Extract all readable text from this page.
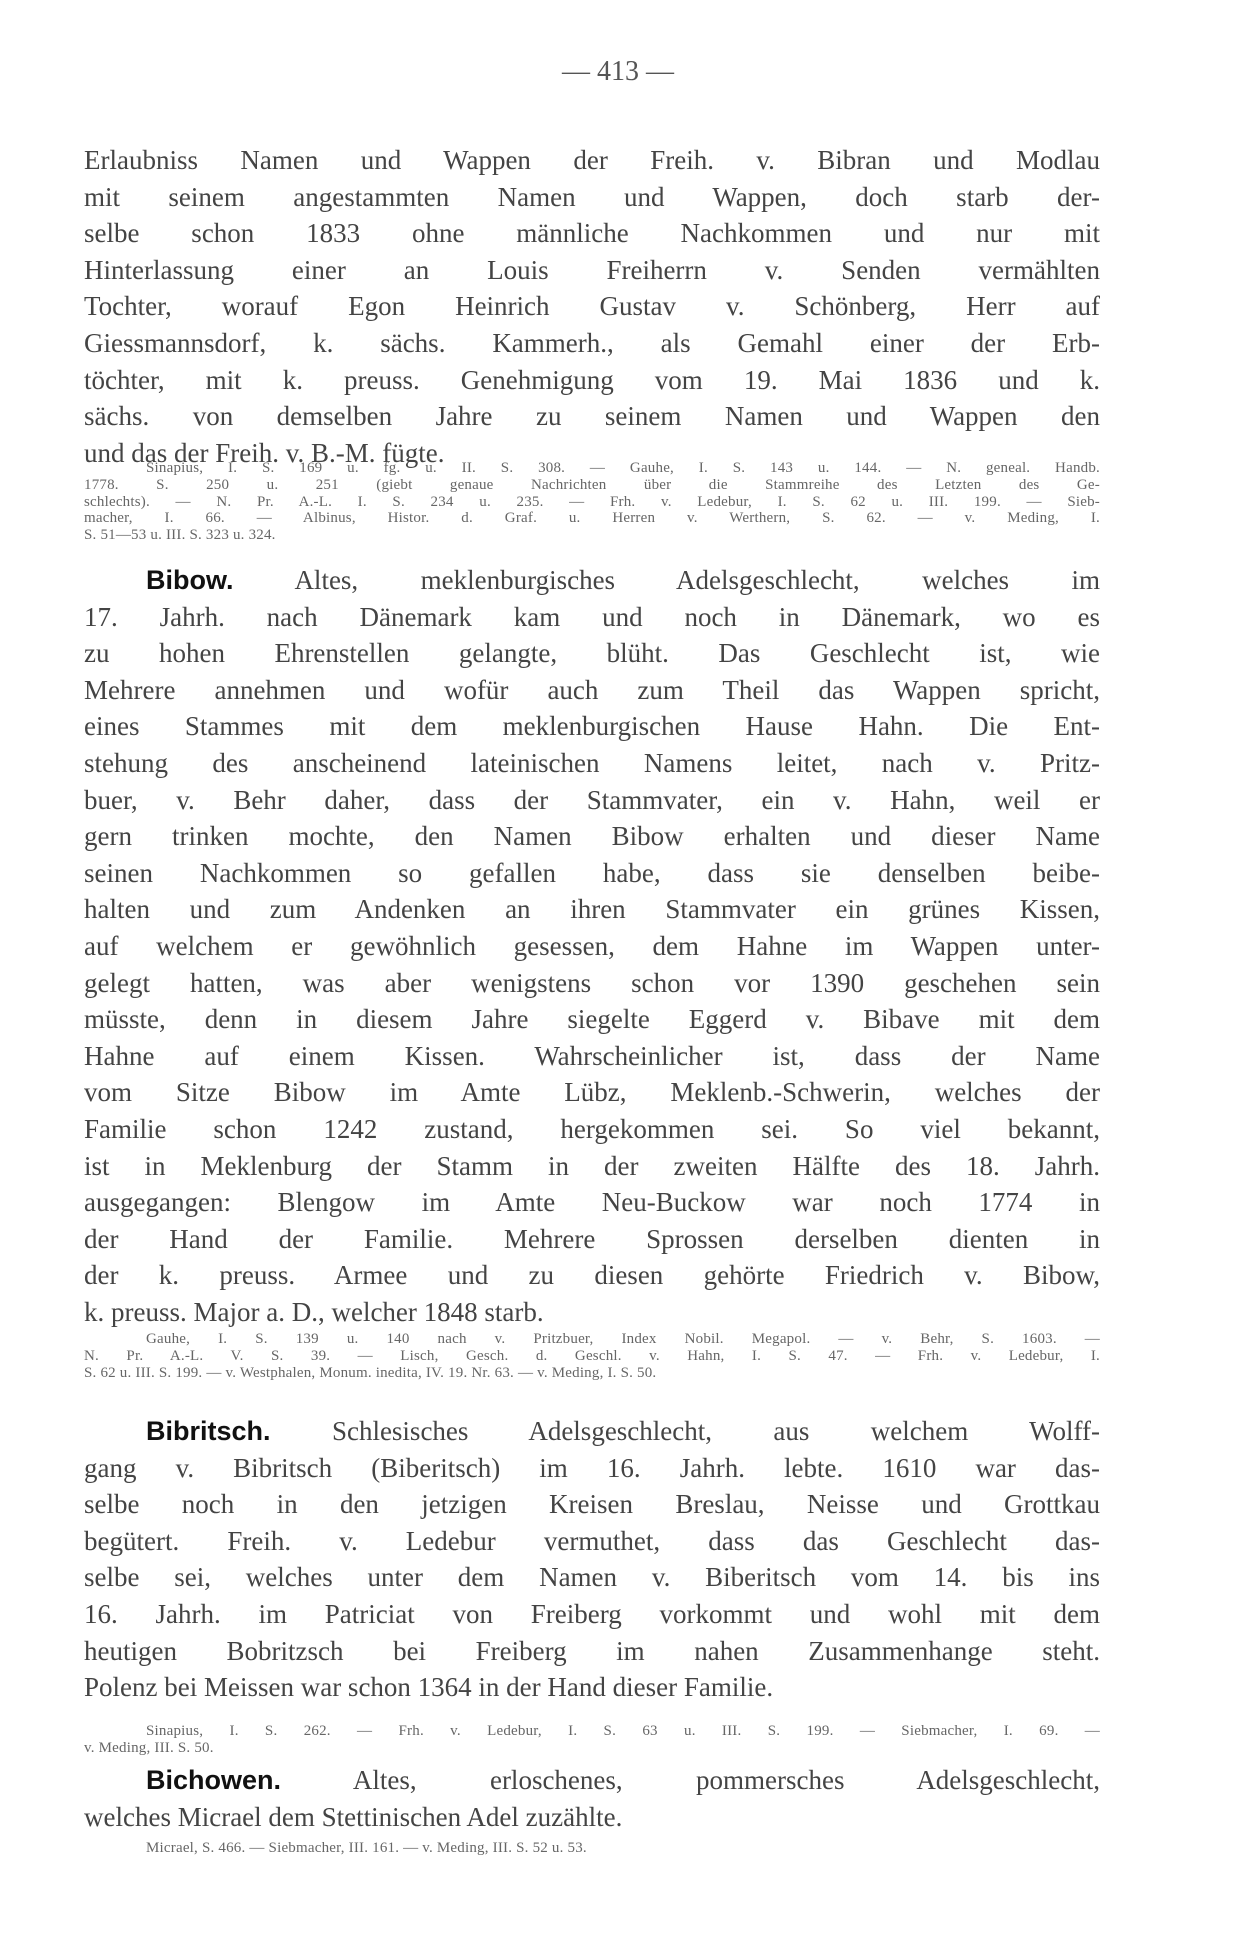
— 413 —
Erlaubniss Namen und Wappen der Freih. v. Bibran und Modlau
mit seinem angestammten Namen und Wappen, doch starb der-
selbe schon 1833 ohne männliche Nachkommen und nur mit
Hinterlassung einer an Louis Freiherrn v. Senden vermählten
Tochter, worauf Egon Heinrich Gustav v. Schönberg, Herr auf
Giessmannsdorf, k. sächs. Kammerh., als Gemahl einer der Erb-
töchter, mit k. preuss. Genehmigung vom 19. Mai 1836 und k.
sächs. von demselben Jahre zu seinem Namen und Wappen den
und das der Freih. v. B.-M. fügte.
Sinapius, I. S. 169 u. fg. u. II. S. 308. — Gauhe, I. S. 143 u. 144. — N. geneal. Handb.
1778. S. 250 u. 251 (giebt genaue Nachrichten über die Stammreihe des Letzten des Ge-
schlechts). — N. Pr. A.-L. I. S. 234 u. 235. — Frh. v. Ledebur, I. S. 62 u. III. 199. — Sieb-
macher, I. 66. — Albinus, Histor. d. Graf. u. Herren v. Werthern, S. 62. — v. Meding, I.
S. 51—53 u. III. S. 323 u. 324.
Bibow. Altes, meklenburgisches Adelsgeschlecht, welches im
17. Jahrh. nach Dänemark kam und noch in Dänemark, wo es
zu hohen Ehrenstellen gelangte, blüht. Das Geschlecht ist, wie
Mehrere annehmen und wofür auch zum Theil das Wappen spricht,
eines Stammes mit dem meklenburgischen Hause Hahn. Die Ent-
stehung des anscheinend lateinischen Namens leitet, nach v. Pritz-
buer, v. Behr daher, dass der Stammvater, ein v. Hahn, weil er
gern trinken mochte, den Namen Bibow erhalten und dieser Name
seinen Nachkommen so gefallen habe, dass sie denselben beibe-
halten und zum Andenken an ihren Stammvater ein grünes Kissen,
auf welchem er gewöhnlich gesessen, dem Hahne im Wappen unter-
gelegt hatten, was aber wenigstens schon vor 1390 geschehen sein
müsste, denn in diesem Jahre siegelte Eggerd v. Bibave mit dem
Hahne auf einem Kissen. Wahrscheinlicher ist, dass der Name
vom Sitze Bibow im Amte Lübz, Meklenb.-Schwerin, welches der
Familie schon 1242 zustand, hergekommen sei. So viel bekannt,
ist in Meklenburg der Stamm in der zweiten Hälfte des 18. Jahrh.
ausgegangen: Blengow im Amte Neu-Buckow war noch 1774 in
der Hand der Familie. Mehrere Sprossen derselben dienten in
der k. preuss. Armee und zu diesen gehörte Friedrich v. Bibow,
k. preuss. Major a. D., welcher 1848 starb.
Gauhe, I. S. 139 u. 140 nach v. Pritzbuer, Index Nobil. Megapol. — v. Behr, S. 1603. —
N. Pr. A.-L. V. S. 39. — Lisch, Gesch. d. Geschl. v. Hahn, I. S. 47. — Frh. v. Ledebur, I.
S. 62 u. III. S. 199. — v. Westphalen, Monum. inedita, IV. 19. Nr. 63. — v. Meding, I. S. 50.
Bibritsch. Schlesisches Adelsgeschlecht, aus welchem Wolff-
gang v. Bibritsch (Biberitsch) im 16. Jahrh. lebte. 1610 war das-
selbe noch in den jetzigen Kreisen Breslau, Neisse und Grottkau
begütert. Freih. v. Ledebur vermuthet, dass das Geschlecht das-
selbe sei, welches unter dem Namen v. Biberitsch vom 14. bis ins
16. Jahrh. im Patriciat von Freiberg vorkommt und wohl mit dem
heutigen Bobritzsch bei Freiberg im nahen Zusammenhange steht.
Polenz bei Meissen war schon 1364 in der Hand dieser Familie.
Sinapius, I. S. 262. — Frh. v. Ledebur, I. S. 63 u. III. S. 199. — Siebmacher, I. 69. —
v. Meding, III. S. 50.
Bichowen.	Altes, erloschenes, pommersches Adelsgeschlecht,
welches Micrael dem Stettinischen Adel zuzählte.
Micrael, S. 466. — Siebmacher, III. 161. — v. Meding, III. S. 52 u. 53.
